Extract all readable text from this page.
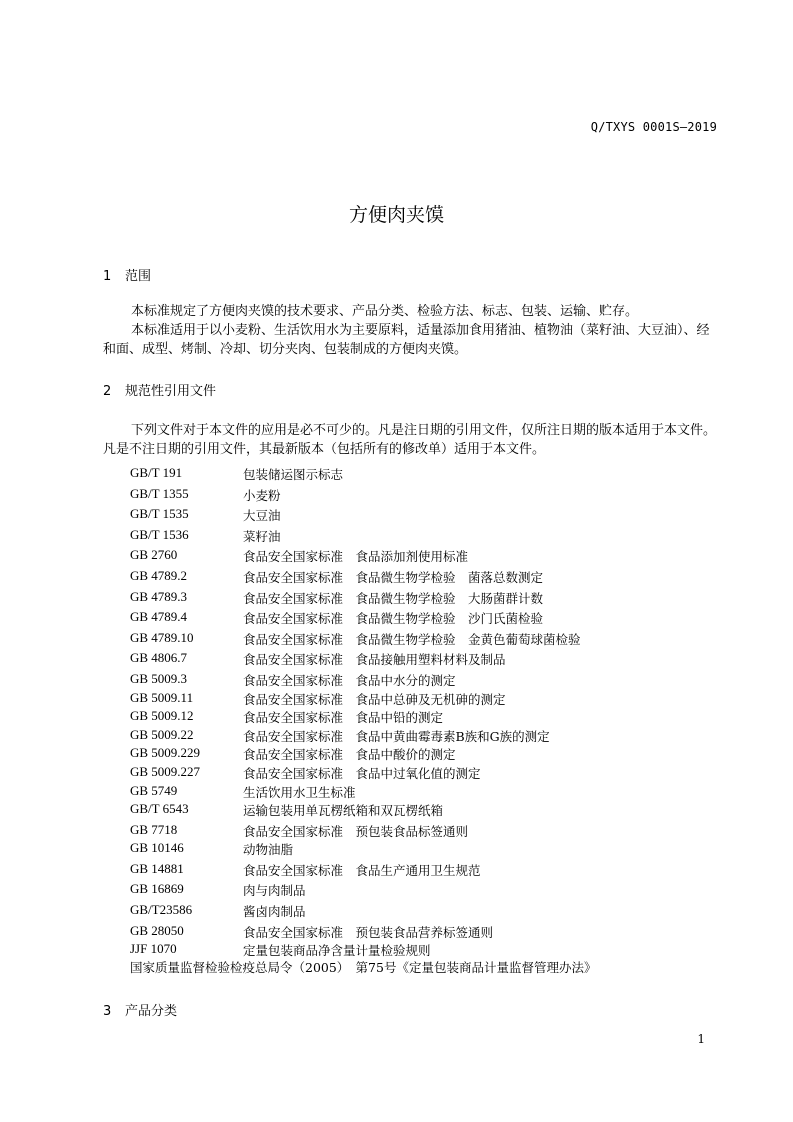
Q/TXYS 0001S—2019
方便肉夹馍
1 范围
本标准规定了方便肉夹馍的技术要求、产品分类、检验方法、标志、包装、运输、贮存。
本标准适用于以小麦粉、生活饮用水为主要原料，适量添加食用猪油、植物油（菜籽油、大豆油）、经和面、成型、烤制、冷却、切分夹肉、包装制成的方便肉夹馍。
2 规范性引用文件
下列文件对于本文件的应用是必不可少的。凡是注日期的引用文件，仅所注日期的版本适用于本文件。凡是不注日期的引用文件，其最新版本（包括所有的修改单）适用于本文件。
GB/T 191	包装储运图示标志
GB/T 1355	小麦粉
GB/T 1535	大豆油
GB/T 1536	菜籽油
GB 2760	食品安全国家标准　食品添加剂使用标准
GB 4789.2	食品安全国家标准　食品微生物学检验　菌落总数测定
GB 4789.3	食品安全国家标准　食品微生物学检验　大肠菌群计数
GB 4789.4	食品安全国家标准　食品微生物学检验　沙门氏菌检验
GB 4789.10	食品安全国家标准　食品微生物学检验　金黄色葡萄球菌检验
GB 4806.7	食品安全国家标准　食品接触用塑料材料及制品
GB 5009.3	食品安全国家标准　食品中水分的测定
GB 5009.11	食品安全国家标准　食品中总砷及无机砷的测定
GB 5009.12	食品安全国家标准　食品中铅的测定
GB 5009.22	食品安全国家标准　食品中黄曲霉毒素B族和G族的测定
GB 5009.229	食品安全国家标准　食品中酸价的测定
GB 5009.227	食品安全国家标准　食品中过氧化值的测定
GB 5749	生活饮用水卫生标准
GB/T 6543	运输包装用单瓦楞纸箱和双瓦楞纸箱
GB 7718	食品安全国家标准　预包装食品标签通则
GB 10146	动物油脂
GB 14881	食品安全国家标准　食品生产通用卫生规范
GB 16869	肉与肉制品
GB/T23586	酱卤肉制品
GB 28050	食品安全国家标准　预包装食品营养标签通则
JJF 1070	定量包装商品净含量计量检验规则
国家质量监督检验检疫总局令（2005）　第75号《定量包装商品计量监督管理办法》
3 产品分类
1
